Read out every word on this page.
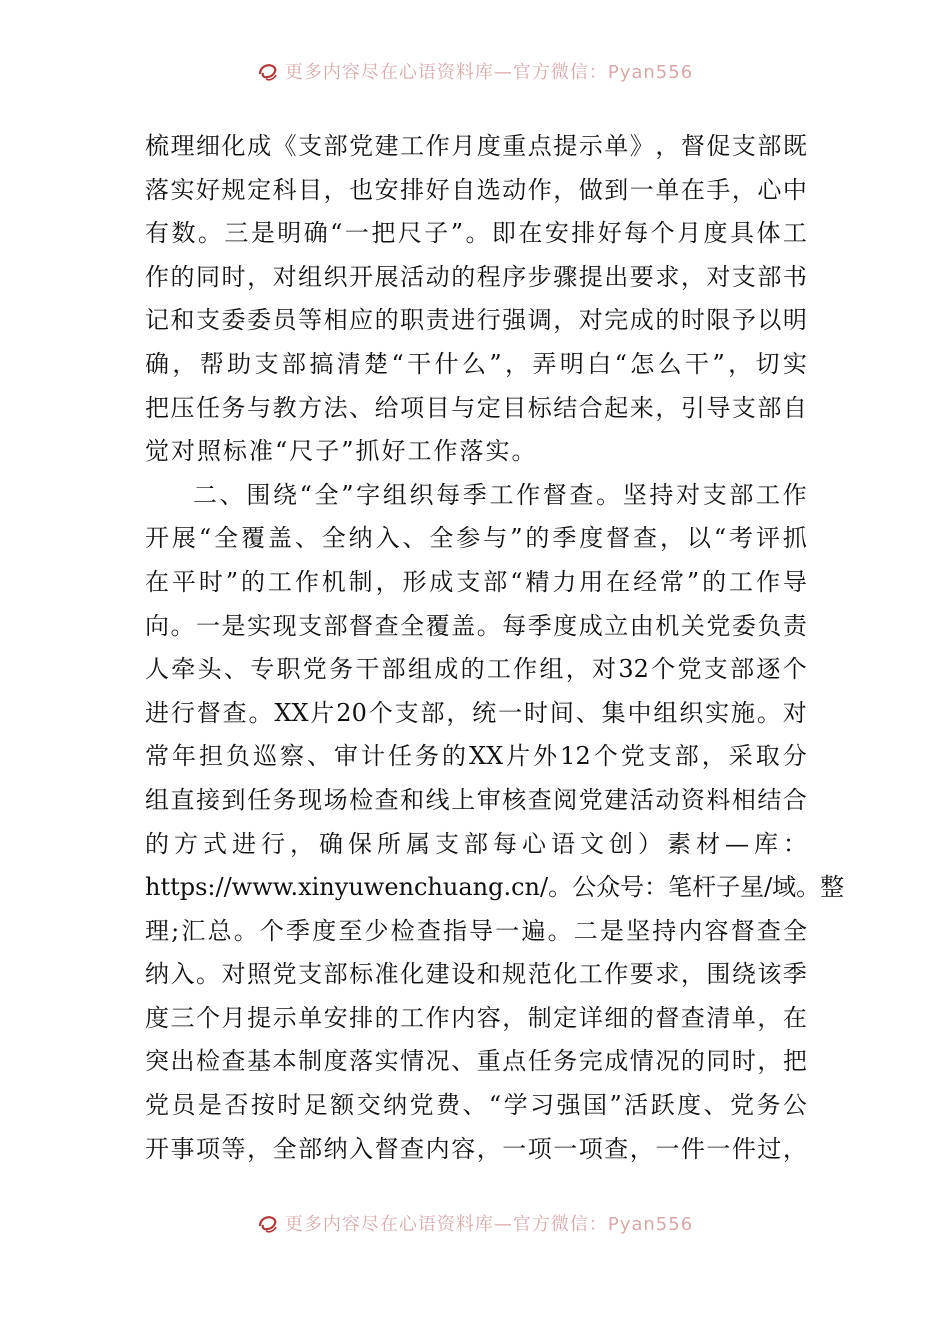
更多内容尽在心语资料库—官方微信：Pyan556
梳 理 细 化 成 《 支 部 党 建 工 作 月 度 重 点 提 示 单 》 ， 督 促 支 部 既
落 实 好 规 定 科 目 ， 也 安 排 好 自 选 动 作 ， 做 到 一 单 在 手 ， 心 中
有 数 。 三 是 明 确 “ 一 把 尺 子 ” 。 即 在 安 排 好 每 个 月 度 具 体 工
作 的 同 时 ， 对 组 织 开 展 活 动 的 程 序 步 骤 提 出 要 求 ， 对 支 部 书
记 和 支 委 委 员 等 相 应 的 职 责 进 行 强 调 ， 对 完 成 的 时 限 予 以 明
确 ， 帮 助 支 部 搞 清 楚 “ 干 什 么 ” ， 弄 明 白 “ 怎 么 干 ” ， 切 实
把 压 任 务 与 教 方 法 、 给 项 目 与 定 目 标 结 合 起 来 ， 引 导 支 部 自
觉对照标准“尺子”抓好工作落实。
二 、 围 绕 “ 全 ” 字 组 织 每 季 工 作 督 查 。 坚 持 对 支 部 工 作
开 展 “ 全 覆 盖 、 全 纳 入 、 全 参 与 ” 的 季 度 督 查 ， 以 “ 考 评 抓
在 平 时 ” 的 工 作 机 制 ， 形 成 支 部 “ 精 力 用 在 经 常 ” 的 工 作 导
向 。 一 是 实 现 支 部 督 查 全 覆 盖 。 每 季 度 成 立 由 机 关 党 委 负 责
人 牵 头 、 专 职 党 务 干 部 组 成 的 工 作 组 ， 对 32 个 党 支 部 逐 个
进 行 督 查 。 XX 片 20 个 支 部 ， 统 一 时 间 、 集 中 组 织 实 施 。 对
常 年 担 负 巡 察 、 审 计 任 务 的 XX 片 外 12 个 党 支 部 ， 采 取 分
组 直 接 到 任 务 现 场 检 查 和 线 上 审 核 查 阅 党 建 活 动 资 料 相 结 合
的 方 式 进 行 ， 确 保 所 属 支 部 每 心 语 文 创 ） 素 材 — 库 ：
https://www.xinyuwenchuang.cn/ 。 公 众 号 ： 笔 杆 子 星 / 域 。 整
理 ; 汇 总 。 个 季 度 至 少 检 查 指 导 一 遍 。 二 是 坚 持 内 容 督 查 全
纳 入 。 对 照 党 支 部 标 准 化 建 设 和 规 范 化 工 作 要 求 ， 围 绕 该 季
度 三 个 月 提 示 单 安 排 的 工 作 内 容 ， 制 定 详 细 的 督 查 清 单 ， 在
突 出 检 查 基 本 制 度 落 实 情 况 、 重 点 任 务 完 成 情 况 的 同 时 ， 把
党 员 是 否 按 时 足 额 交 纳 党 费 、 “ 学 习 强 国 ” 活 跃 度 、 党 务 公
开 事 项 等 ， 全 部 纳 入 督 查 内 容 ， 一 项 一 项 查 ， 一 件 一 件 过 ，
更多内容尽在心语资料库—官方微信：Pyan556
